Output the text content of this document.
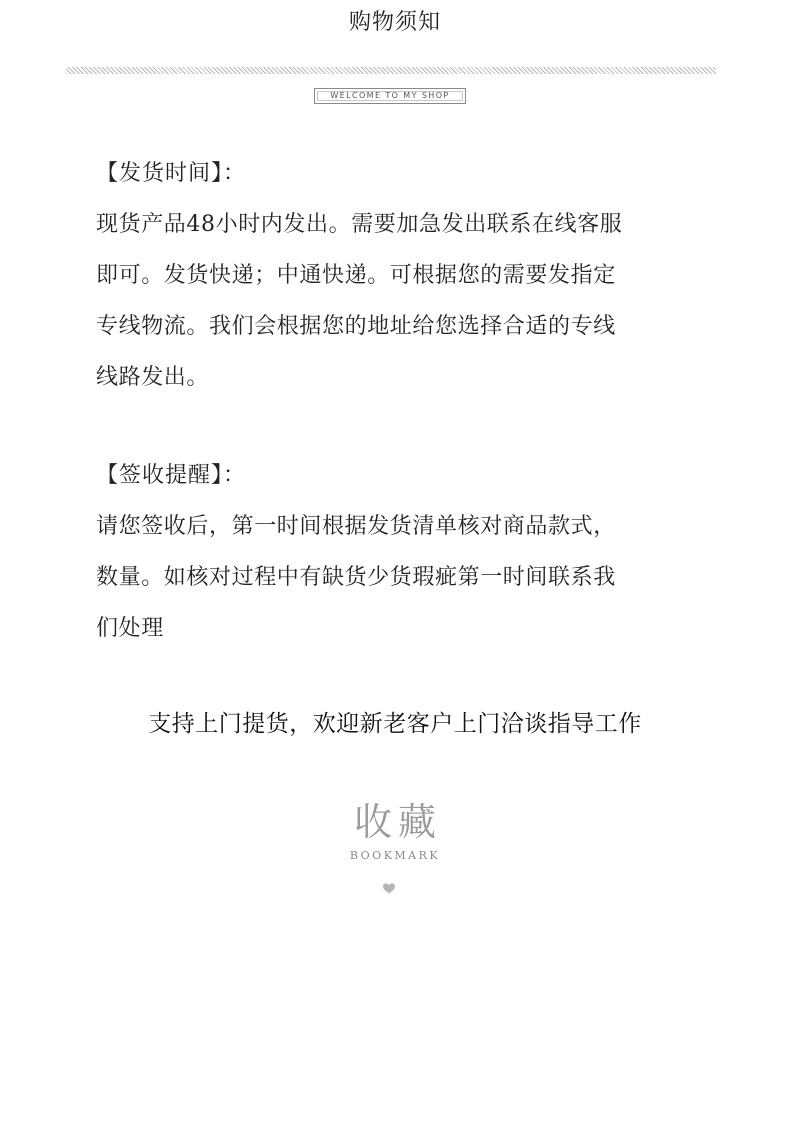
购物须知
WELCOME TO MY SHOP

【发货时间】：

现货产品48小时内发出。需要加急发出联系在线客服

即可。发货快递；中通快递。可根据您的需要发指定

专线物流。我们会根据您的地址给您选择合适的专线

线路发出。

【签收提醒】：

请您签收后，第一时间根据发货清单核对商品款式，

数量。如核对过程中有缺货少货瑕疵第一时间联系我

们处理

支持上门提货，欢迎新老客户上门洽谈指导工作
收藏
BOOKMARK
